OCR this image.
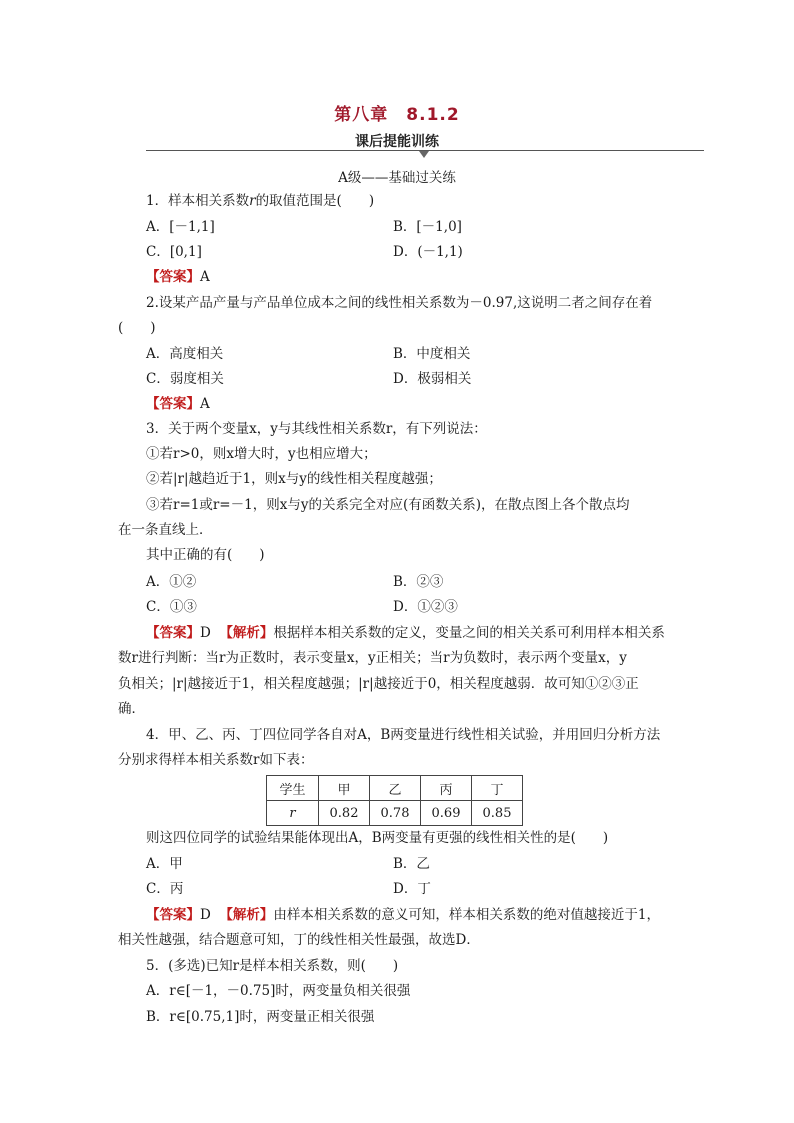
第八章 8.1.2
课后提能训练
A级——基础过关练
1．样本相关系数r的取值范围是(　　)
A．[－1,1]	B．[－1,0]
C．[0,1]	D．(－1,1)
【答案】A
2.设某产品产量与产品单位成本之间的线性相关系数为－0.97,这说明二者之间存在着
(　　)
A．高度相关	B．中度相关
C．弱度相关	D．极弱相关
【答案】A
3．关于两个变量x，y与其线性相关系数r，有下列说法：
①若r>0，则x增大时，y也相应增大；
②若|r|越趋近于1，则x与y的线性相关程度越强；
③若r=1或r=－1，则x与y的关系完全对应(有函数关系)，在散点图上各个散点均
在一条直线上．
其中正确的有(　　)
A．①②	B．②③
C．①③	D．①②③
【答案】D 【解析】根据样本相关系数的定义，变量之间的相关关系可利用样本相关系
数r进行判断：当r为正数时，表示变量x，y正相关；当r为负数时，表示两个变量x，y
负相关；|r|越接近于1，相关程度越强；|r|越接近于0，相关程度越弱．故可知①②③正
确．
4．甲、乙、丙、丁四位同学各自对A，B两变量进行线性相关试验，并用回归分析方法
分别求得样本相关系数r如下表：
学生	甲	乙	丙	丁
r	0.82	0.78	0.69	0.85
则这四位同学的试验结果能体现出A，B两变量有更强的线性相关性的是(　　)
A．甲	B．乙
C．丙	D．丁
【答案】D 【解析】由样本相关系数的意义可知，样本相关系数的绝对值越接近于1，
相关性越强，结合题意可知，丁的线性相关性最强，故选D．
5．(多选)已知r是样本相关系数，则(　　)
A．r∈[－1，－0.75]时，两变量负相关很强
B．r∈[0.75,1]时，两变量正相关很强
